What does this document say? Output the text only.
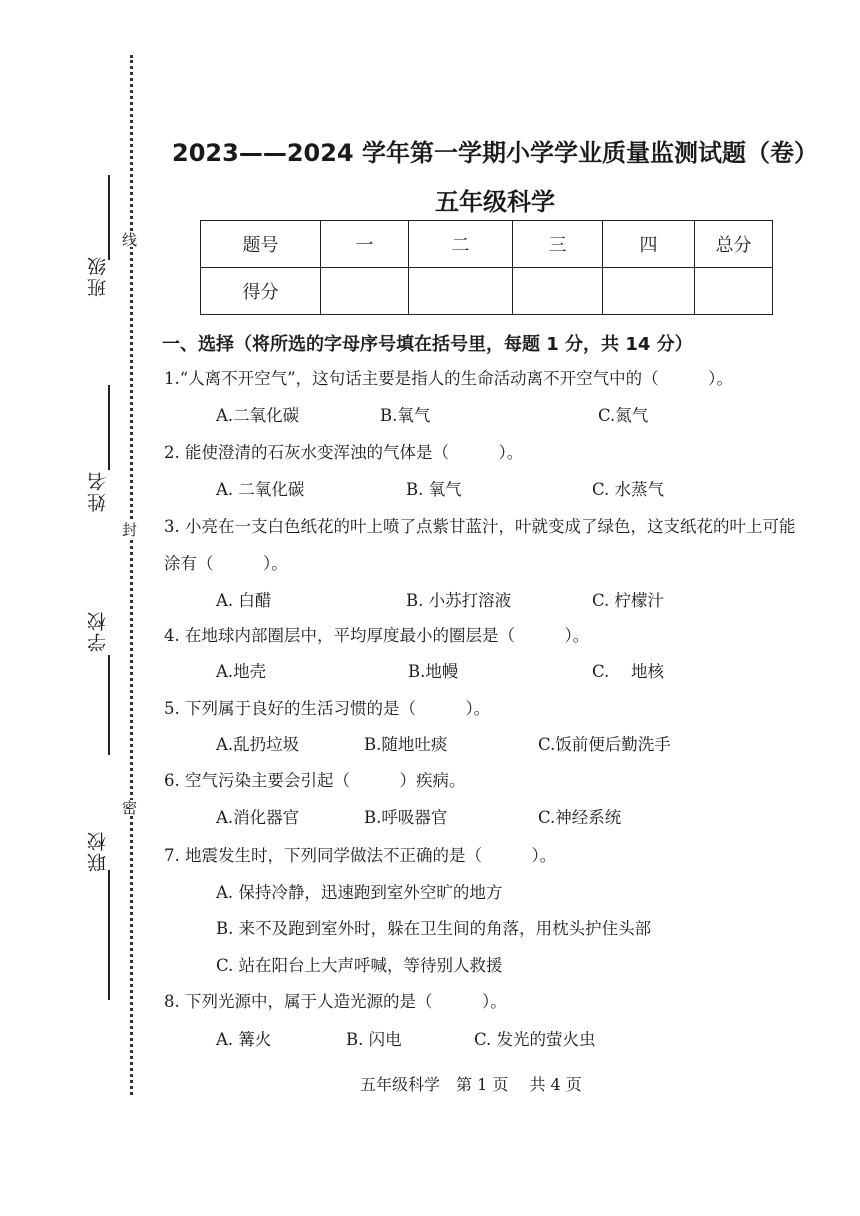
线
封
密
班级
姓名
学校
联校
2023——2024 学年第一学期小学学业质量监测试题（卷）
五年级科学
题号	一	二	三	四	总分
得分					
一、选择（将所选的字母序号填在括号里，每题 1 分，共 14 分）
1.“人离不开空气”，这句话主要是指人的生命活动离不开空气中的（　　　）。
A.二氧化碳	B.氧气	C.氮气
2. 能使澄清的石灰水变浑浊的气体是（　　　）。
A. 二氧化碳	B. 氧气	C. 水蒸气
3. 小亮在一支白色纸花的叶上喷了点紫甘蓝汁，叶就变成了绿色，这支纸花的叶上可能
涂有（　　　）。
A. 白醋	B. 小苏打溶液	C. 柠檬汁
4. 在地球内部圈层中，平均厚度最小的圈层是（　　　）。
A.地壳	B.地幔	C.　 地核
5. 下列属于良好的生活习惯的是（　　　）。
A.乱扔垃圾	B.随地吐痰	C.饭前便后勤洗手
6. 空气污染主要会引起（　　　）疾病。
A.消化器官	B.呼吸器官	C.神经系统
7. 地震发生时，下列同学做法不正确的是（　　　）。
A. 保持冷静，迅速跑到室外空旷的地方
B. 来不及跑到室外时，躲在卫生间的角落，用枕头护住头部
C. 站在阳台上大声呼喊，等待别人救援
8. 下列光源中，属于人造光源的是（　　　）。
A. 篝火	B. 闪电	C. 发光的萤火虫
五年级科学　第 1 页　 共 4 页
